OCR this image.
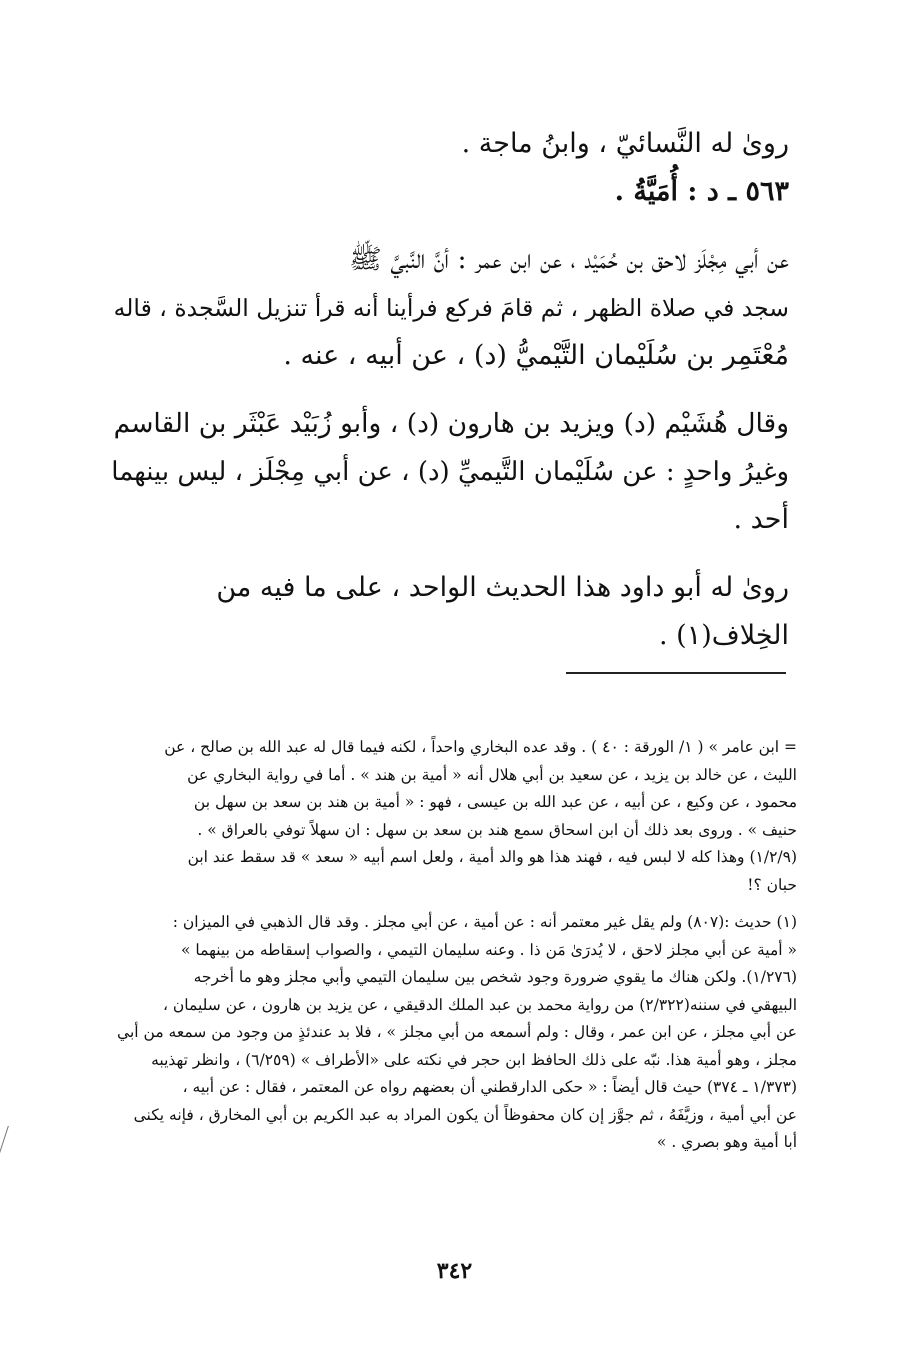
روىٰ له النَّسائيّ ، وابنُ ماجة .
٥٦٣ ـ د : أُمَيَّةُ .
عن أبي مِجْلَز لاحق بن حُمَيْد ، عن ابن عمر : أنَّ النَّبيَّ ﷺ
سجد في صلاة الظهر ، ثم قامَ فركع فرأينا أنه قرأ تنزيل السَّجدة ، قاله
مُعْتَمِر بن سُلَيْمان التَّيْميُّ (د) ، عن أبيه ، عنه .
وقال هُشَيْم (د) ويزيد بن هارون (د) ، وأبو زُبَيْد عَبْثَر بن القاسم
وغيرُ واحدٍ : عن سُلَيْمان التَّيميِّ (د) ، عن أبي مِجْلَز ، ليس بينهما
أحد .
روىٰ له أبو داود هذا الحديث الواحد ، على ما فيه من
الخِلاف(١) .
= ابن عامر » ( ١/ الورقة : ٤٠ ) . وقد عده البخاري واحداً ، لكنه فيما قال له عبد الله بن صالح ، عن
الليث ، عن خالد بن يزيد ، عن سعيد بن أبي هلال أنه « أمية بن هند » . أما في رواية البخاري عن
محمود ، عن وكيع ، عن أبيه ، عن عبد الله بن عيسى ، فهو : « أمية بن هند بن سعد بن سهل بن
حنيف » . وروى بعد ذلك أن ابن اسحاق سمع هند بن سعد بن سهل : ان سهلاً توفي بالعراق » .
(١/٢/٩) وهذا كله لا لبس فيه ، فهند هذا هو والد أمية ، ولعل اسم أبيه « سعد » قد سقط عند ابن
حبان ؟!
(١) حديث :(٨٠٧) ولم يقل غير معتمر أنه : عن أمية ، عن أبي مجلز . وقد قال الذهبي في الميزان :
« أمية عن أبي مجلز لاحق ، لا يُدرَىٰ مَن ذا . وعنه سليمان التيمي ، والصواب إسقاطه من بينهما »
(١/٢٧٦). ولكن هناك ما يقوي ضرورة وجود شخص بين سليمان التيمي وأبي مجلز وهو ما أخرجه
البيهقي في سننه(٢/٣٢٢) من رواية محمد بن عبد الملك الدقيقي ، عن يزيد بن هارون ، عن سليمان ،
عن أبي مجلز ، عن ابن عمر ، وقال : ولم أسمعه من أبي مجلز » ، فلا بد عندئذٍ من وجود من سمعه من أبي
مجلز ، وهو أمية هذا. نبّه على ذلك الحافظ ابن حجر في نكته على «الأطراف » (٦/٢٥٩) ، وانظر تهذيبه
(١/٣٧٣ ـ ٣٧٤) حيث قال أيضاً : « حكى الدارقطني أن بعضهم رواه عن المعتمر ، فقال : عن أبيه ،
عن أبي أمية ، وزيَّفَهُ ، ثم جوَّز إن كان محفوظاً أن يكون المراد به عبد الكريم بن أبي المخارق ، فإنه يكنى
أبا أمية وهو بصري . »
٣٤٢
